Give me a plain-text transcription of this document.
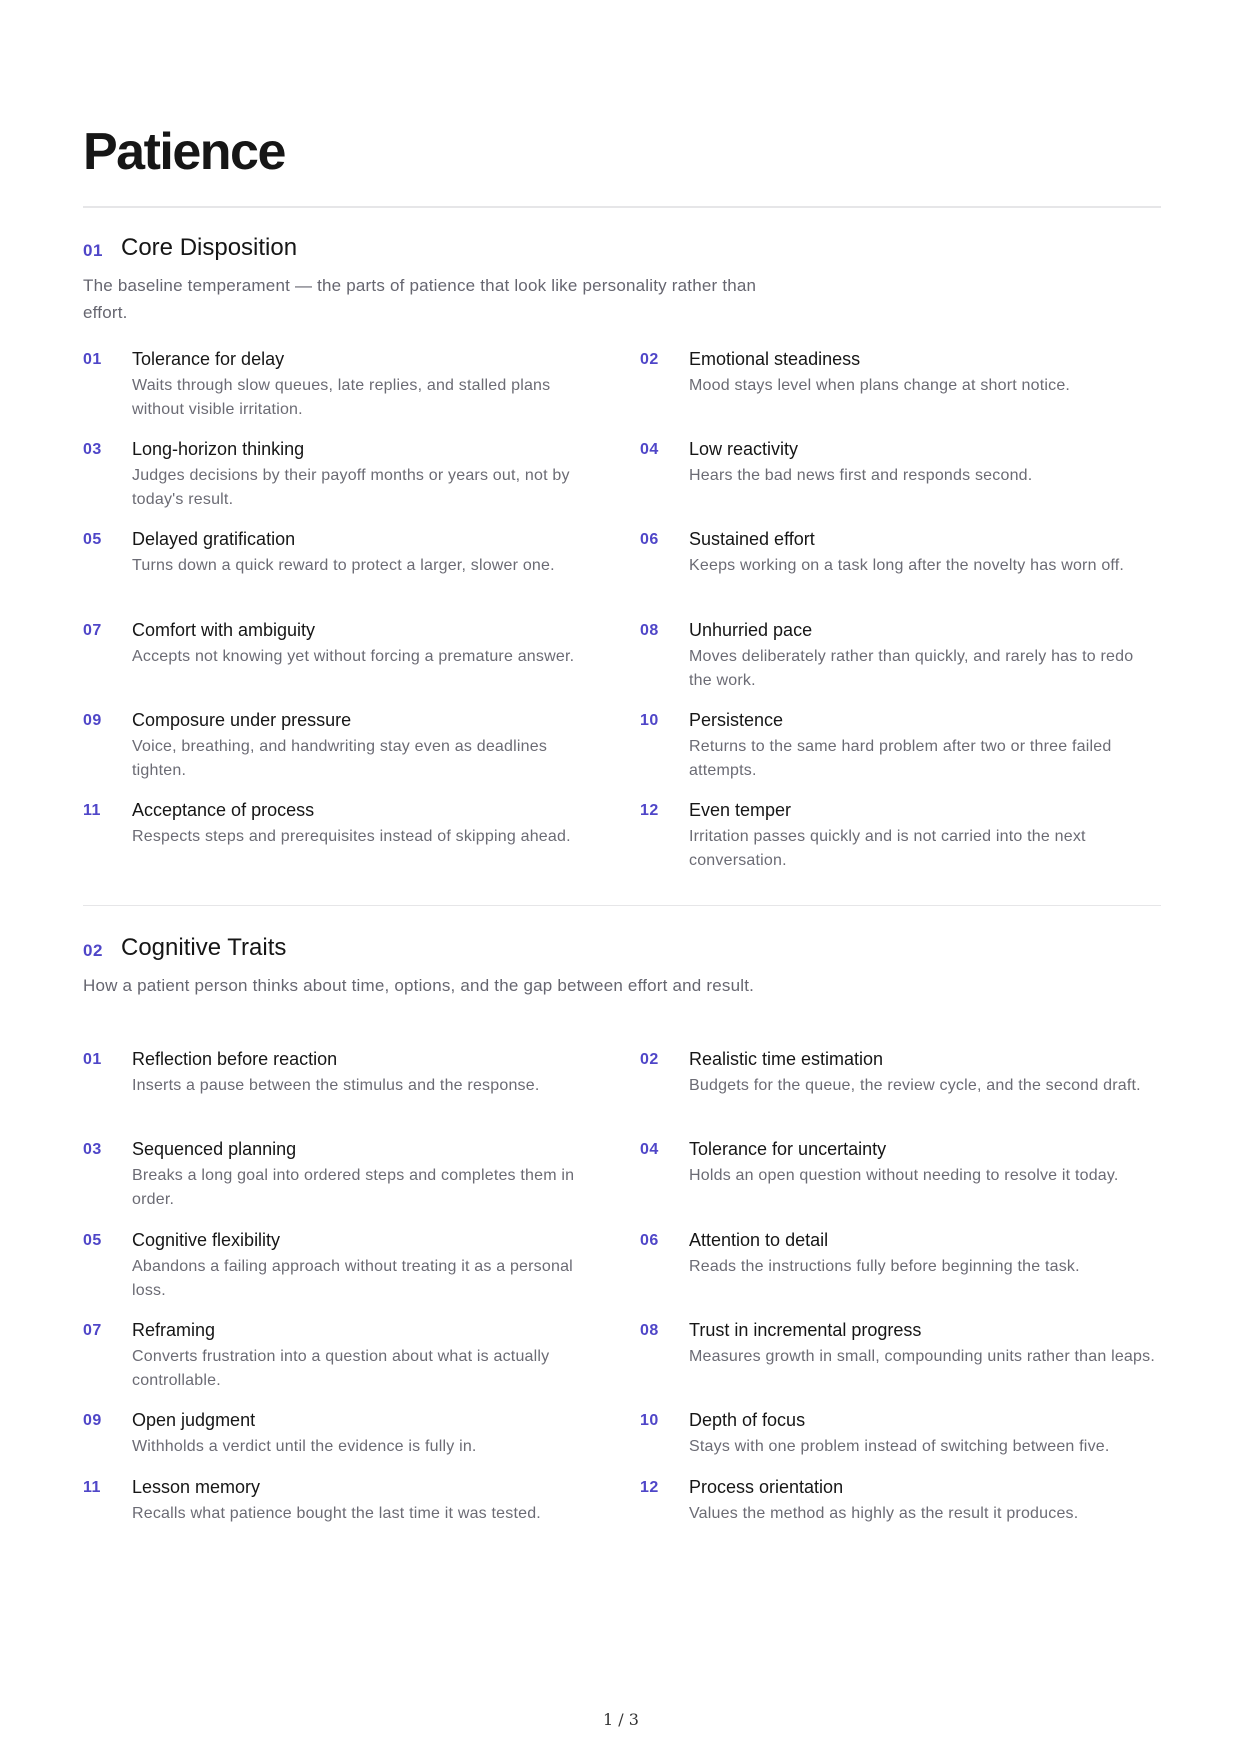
Patience
01 Core Disposition
The baseline temperament — the parts of patience that look like personality rather than effort.
01 Tolerance for delay
Waits through slow queues, late replies, and stalled plans without visible irritation.
02 Emotional steadiness
Mood stays level when plans change at short notice.
03 Long-horizon thinking
Judges decisions by their payoff months or years out, not by today's result.
04 Low reactivity
Hears the bad news first and responds second.
05 Delayed gratification
Turns down a quick reward to protect a larger, slower one.
06 Sustained effort
Keeps working on a task long after the novelty has worn off.
07 Comfort with ambiguity
Accepts not knowing yet without forcing a premature answer.
08 Unhurried pace
Moves deliberately rather than quickly, and rarely has to redo the work.
09 Composure under pressure
Voice, breathing, and handwriting stay even as deadlines tighten.
10 Persistence
Returns to the same hard problem after two or three failed attempts.
11 Acceptance of process
Respects steps and prerequisites instead of skipping ahead.
12 Even temper
Irritation passes quickly and is not carried into the next conversation.
02 Cognitive Traits
How a patient person thinks about time, options, and the gap between effort and result.
01 Reflection before reaction
Inserts a pause between the stimulus and the response.
02 Realistic time estimation
Budgets for the queue, the review cycle, and the second draft.
03 Sequenced planning
Breaks a long goal into ordered steps and completes them in order.
04 Tolerance for uncertainty
Holds an open question without needing to resolve it today.
05 Cognitive flexibility
Abandons a failing approach without treating it as a personal loss.
06 Attention to detail
Reads the instructions fully before beginning the task.
07 Reframing
Converts frustration into a question about what is actually controllable.
08 Trust in incremental progress
Measures growth in small, compounding units rather than leaps.
09 Open judgment
Withholds a verdict until the evidence is fully in.
10 Depth of focus
Stays with one problem instead of switching between five.
11 Lesson memory
Recalls what patience bought the last time it was tested.
12 Process orientation
Values the method as highly as the result it produces.
1 / 3
